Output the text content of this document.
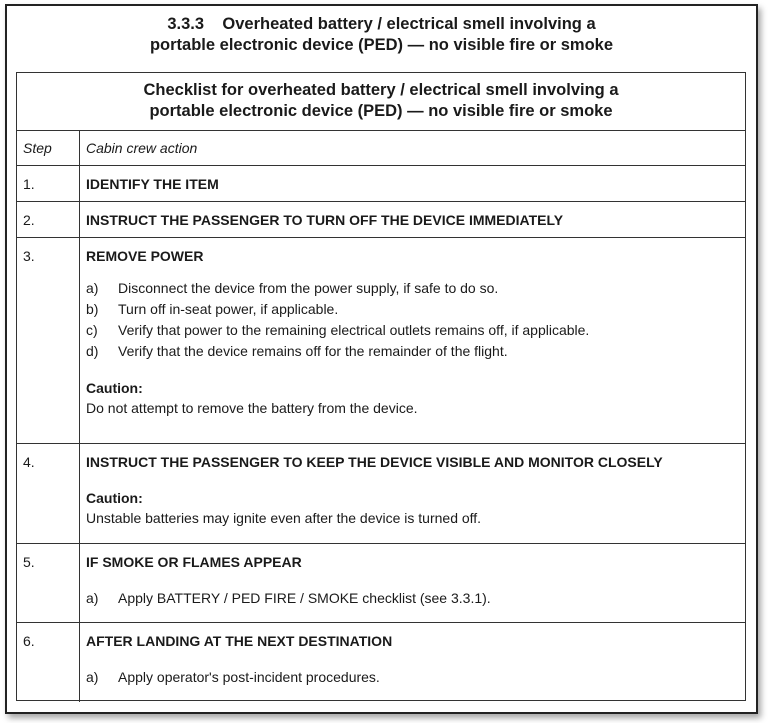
3.3.3 Overheated battery / electrical smell involving a
portable electronic device (PED) — no visible fire or smoke
Checklist for overheated battery / electrical smell involving a
portable electronic device (PED) — no visible fire or smoke
Step	Cabin crew action
1.	IDENTIFY THE ITEM
2.	INSTRUCT THE PASSENGER TO TURN OFF THE DEVICE IMMEDIATELY
3.	REMOVE POWER
a)	Disconnect the device from the power supply, if safe to do so.
b)	Turn off in-seat power, if applicable.
c)	Verify that power to the remaining electrical outlets remains off, if applicable.
d)	Verify that the device remains off for the remainder of the flight.
Caution:
Do not attempt to remove the battery from the device.
4.	INSTRUCT THE PASSENGER TO KEEP THE DEVICE VISIBLE AND MONITOR CLOSELY
Caution:
Unstable batteries may ignite even after the device is turned off.
5.	IF SMOKE OR FLAMES APPEAR
a)	Apply BATTERY / PED FIRE / SMOKE checklist (see 3.3.1).
6.	AFTER LANDING AT THE NEXT DESTINATION
a)	Apply operator's post-incident procedures.
